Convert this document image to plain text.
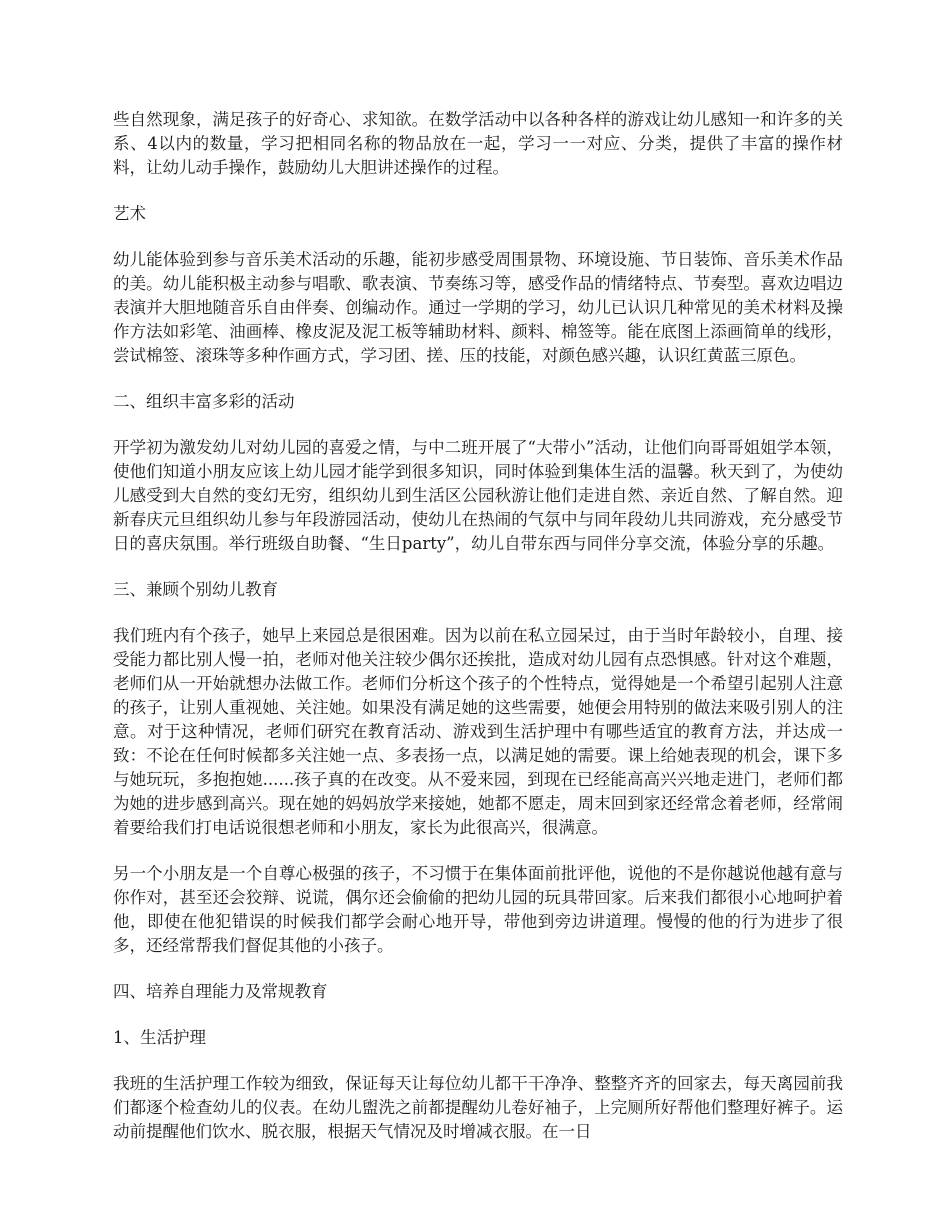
些自然现象，满足孩子的好奇心、求知欲。在数学活动中以各种各样的游戏让幼儿感知一和许多的关系、4以内的数量，学习把相同名称的物品放在一起，学习一一对应、分类，提供了丰富的操作材料，让幼儿动手操作，鼓励幼儿大胆讲述操作的过程。

艺术

幼儿能体验到参与音乐美术活动的乐趣，能初步感受周围景物、环境设施、节日装饰、音乐美术作品的美。幼儿能积极主动参与唱歌、歌表演、节奏练习等，感受作品的情绪特点、节奏型。喜欢边唱边表演并大胆地随音乐自由伴奏、创编动作。通过一学期的学习，幼儿已认识几种常见的美术材料及操作方法如彩笔、油画棒、橡皮泥及泥工板等辅助材料、颜料、棉签等。能在底图上添画简单的线形，尝试棉签、滚珠等多种作画方式，学习团、搓、压的技能，对颜色感兴趣，认识红黄蓝三原色。

二、组织丰富多彩的活动

开学初为激发幼儿对幼儿园的喜爱之情，与中二班开展了“大带小”活动，让他们向哥哥姐姐学本领，使他们知道小朋友应该上幼儿园才能学到很多知识，同时体验到集体生活的温馨。秋天到了，为使幼儿感受到大自然的变幻无穷，组织幼儿到生活区公园秋游让他们走进自然、亲近自然、了解自然。迎新春庆元旦组织幼儿参与年段游园活动，使幼儿在热闹的气氛中与同年段幼儿共同游戏，充分感受节日的喜庆氛围。举行班级自助餐、“生日party”，幼儿自带东西与同伴分享交流，体验分享的乐趣。

三、兼顾个别幼儿教育

我们班内有个孩子，她早上来园总是很困难。因为以前在私立园呆过，由于当时年龄较小，自理、接受能力都比别人慢一拍，老师对他关注较少偶尔还挨批，造成对幼儿园有点恐惧感。针对这个难题，老师们从一开始就想办法做工作。老师们分析这个孩子的个性特点，觉得她是一个希望引起别人注意的孩子，让别人重视她、关注她。如果没有满足她的这些需要，她便会用特别的做法来吸引别人的注意。对于这种情况，老师们研究在教育活动、游戏到生活护理中有哪些适宜的教育方法，并达成一致：不论在任何时候都多关注她一点、多表扬一点，以满足她的需要。课上给她表现的机会，课下多与她玩玩，多抱抱她......孩子真的在改变。从不爱来园，到现在已经能高高兴兴地走进门，老师们都为她的进步感到高兴。现在她的妈妈放学来接她，她都不愿走，周末回到家还经常念着老师，经常闹着要给我们打电话说很想老师和小朋友，家长为此很高兴，很满意。

另一个小朋友是一个自尊心极强的孩子，不习惯于在集体面前批评他，说他的不是你越说他越有意与你作对，甚至还会狡辩、说谎，偶尔还会偷偷的把幼儿园的玩具带回家。后来我们都很小心地呵护着他，即使在他犯错误的时候我们都学会耐心地开导，带他到旁边讲道理。慢慢的他的行为进步了很多，还经常帮我们督促其他的小孩子。

四、培养自理能力及常规教育

1、生活护理

我班的生活护理工作较为细致，保证每天让每位幼儿都干干净净、整整齐齐的回家去，每天离园前我们都逐个检查幼儿的仪表。在幼儿盥洗之前都提醒幼儿卷好袖子，上完厕所好帮他们整理好裤子。运动前提醒他们饮水、脱衣服，根据天气情况及时增减衣服。在一日
